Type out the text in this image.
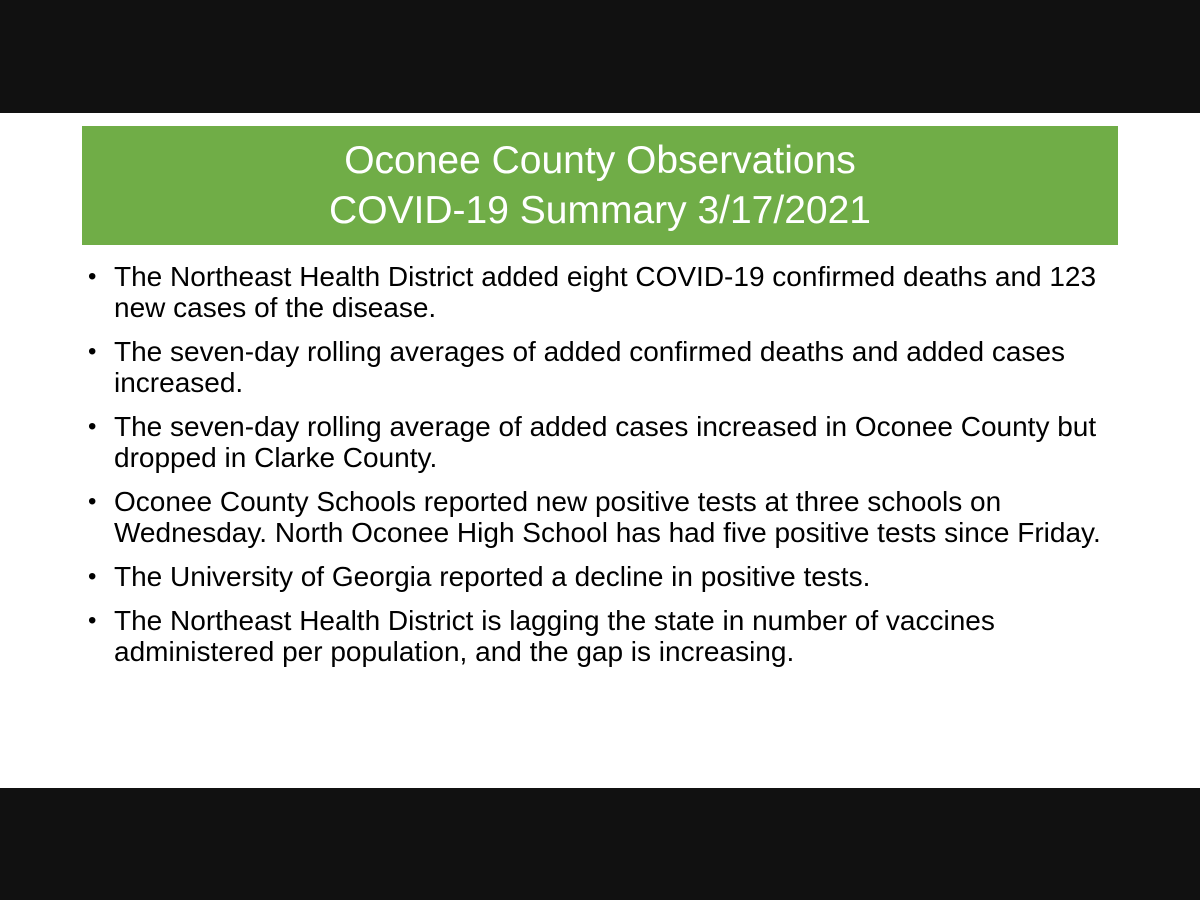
Oconee County Observations
COVID-19 Summary 3/17/2021
• The Northeast Health District added eight COVID-19 confirmed deaths and 123 new cases of the disease.
• The seven-day rolling averages of added confirmed deaths and added cases increased.
• The seven-day rolling average of added cases increased in Oconee County but dropped in Clarke County.
• Oconee County Schools reported new positive tests at three schools on Wednesday. North Oconee High School has had five positive tests since Friday.
• The University of Georgia reported a decline in positive tests.
• The Northeast Health District is lagging the state in number of vaccines administered per population, and the gap is increasing.
